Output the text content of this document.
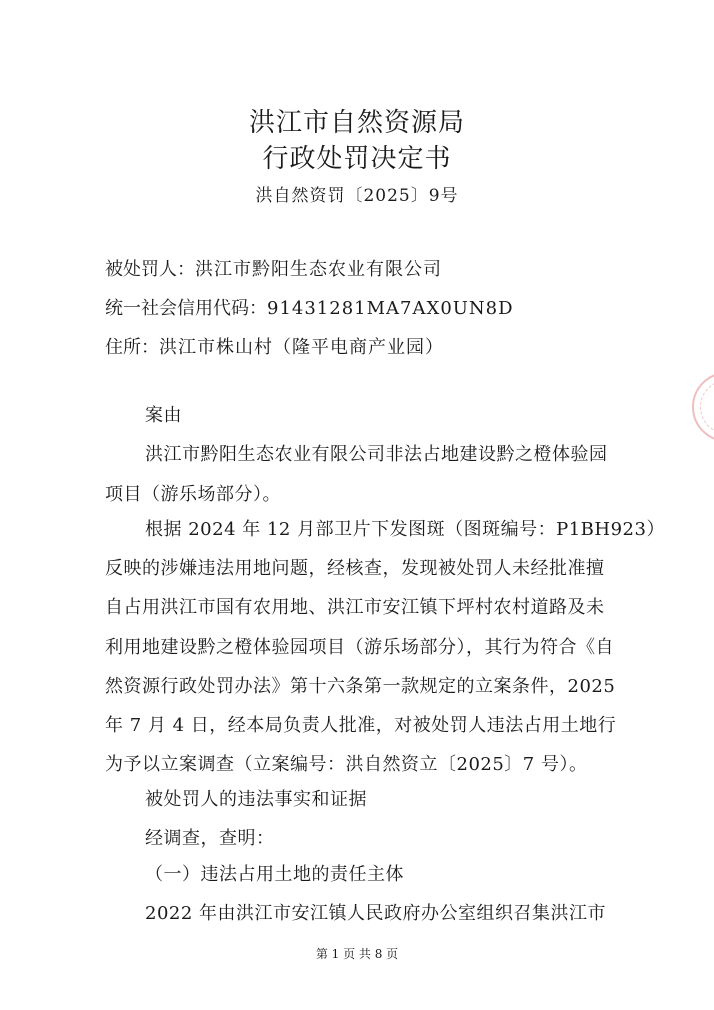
洪江市自然资源局
行政处罚决定书
洪自然资罚〔2025〕9号
被处罚人：洪江市黔阳生态农业有限公司
统一社会信用代码：91431281MA7AX0UN8D
住所：洪江市株山村（隆平电商产业园）
案由
洪江市黔阳生态农业有限公司非法占地建设黔之橙体验园
项目（游乐场部分）。
根据 2024 年 12 月部卫片下发图斑（图斑编号：P1BH923）
反映的涉嫌违法用地问题，经核查，发现被处罚人未经批准擅
自占用洪江市国有农用地、洪江市安江镇下坪村农村道路及未
利用地建设黔之橙体验园项目（游乐场部分），其行为符合《自
然资源行政处罚办法》第十六条第一款规定的立案条件，2025
年 7 月 4 日，经本局负责人批准，对被处罚人违法占用土地行
为予以立案调查（立案编号：洪自然资立〔2025〕7 号）。
被处罚人的违法事实和证据
经调查，查明：
（一）违法占用土地的责任主体
2022 年由洪江市安江镇人民政府办公室组织召集洪江市
第 1 页 共 8 页
